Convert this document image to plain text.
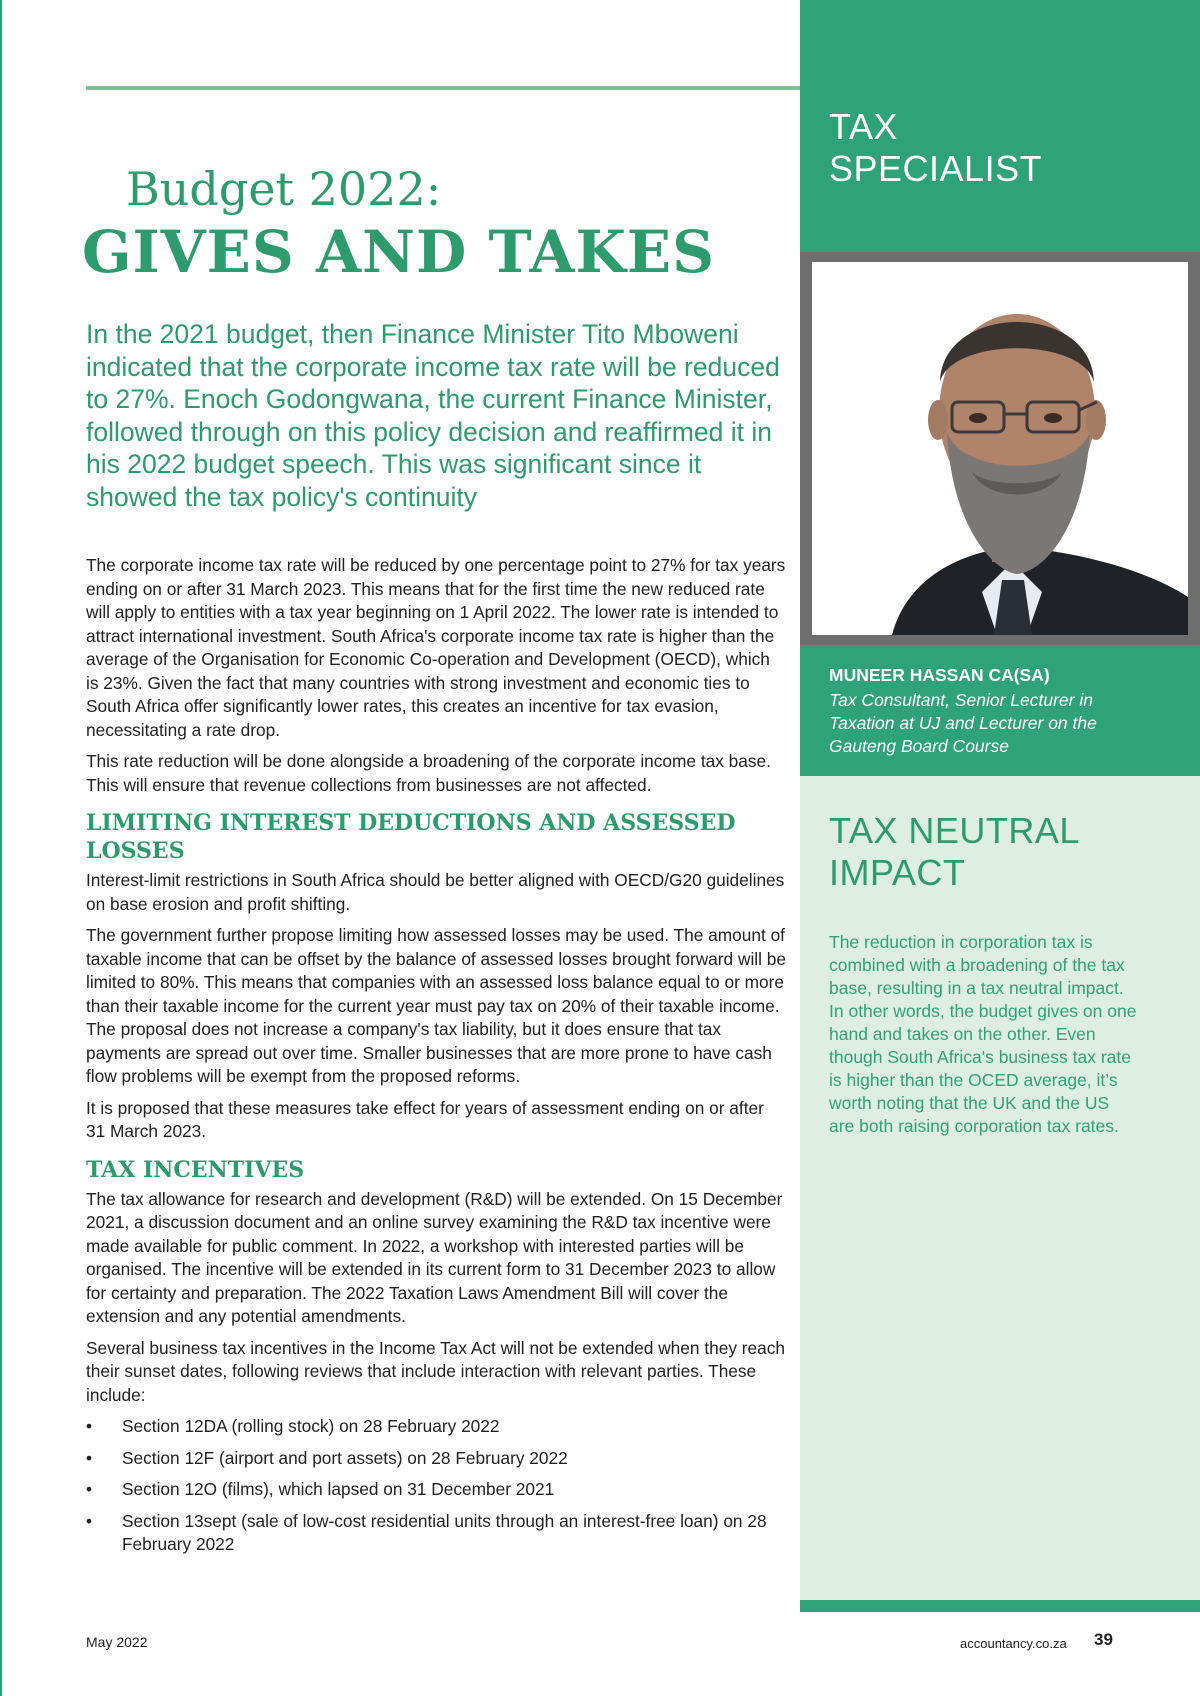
Budget 2022:
GIVES AND TAKES
In the 2021 budget, then Finance Minister Tito Mboweni indicated that the corporate income tax rate will be reduced to 27%. Enoch Godongwana, the current Finance Minister, followed through on this policy decision and reaffirmed it in his 2022 budget speech. This was significant since it showed the tax policy's continuity

The corporate income tax rate will be reduced by one percentage point to 27% for tax years ending on or after 31 March 2023. This means that for the first time the new reduced rate will apply to entities with a tax year beginning on 1 April 2022. The lower rate is intended to attract international investment. South Africa's corporate income tax rate is higher than the average of the Organisation for Economic Co-operation and Development (OECD), which is 23%. Given the fact that many countries with strong investment and economic ties to South Africa offer significantly lower rates, this creates an incentive for tax evasion, necessitating a rate drop.

This rate reduction will be done alongside a broadening of the corporate income tax base. This will ensure that revenue collections from businesses are not affected.

LIMITING INTEREST DEDUCTIONS AND ASSESSED LOSSES

Interest-limit restrictions in South Africa should be better aligned with OECD/G20 guidelines on base erosion and profit shifting.

The government further propose limiting how assessed losses may be used. The amount of taxable income that can be offset by the balance of assessed losses brought forward will be limited to 80%. This means that companies with an assessed loss balance equal to or more than their taxable income for the current year must pay tax on 20% of their taxable income. The proposal does not increase a company's tax liability, but it does ensure that tax payments are spread out over time. Smaller businesses that are more prone to have cash flow problems will be exempt from the proposed reforms.

It is proposed that these measures take effect for years of assessment ending on or after 31 March 2023.

TAX INCENTIVES

The tax allowance for research and development (R&D) will be extended. On 15 December 2021, a discussion document and an online survey examining the R&D tax incentive were made available for public comment. In 2022, a workshop with interested parties will be organised. The incentive will be extended in its current form to 31 December 2023 to allow for certainty and preparation. The 2022 Taxation Laws Amendment Bill will cover the extension and any potential amendments.

Several business tax incentives in the Income Tax Act will not be extended when they reach their sunset dates, following reviews that include interaction with relevant parties. These include:

• Section 12DA (rolling stock) on 28 February 2022
• Section 12F (airport and port assets) on 28 February 2022
• Section 12O (films), which lapsed on 31 December 2021
• Section 13sept (sale of low-cost residential units through an interest-free loan) on 28 February 2022
TAX
SPECIALIST
MUNEER HASSAN CA(SA)
Tax Consultant, Senior Lecturer in Taxation at UJ and Lecturer on the Gauteng Board Course
TAX NEUTRAL
IMPACT
The reduction in corporation tax is combined with a broadening of the tax base, resulting in a tax neutral impact. In other words, the budget gives on one hand and takes on the other. Even though South Africa's business tax rate is higher than the OCED average, it’s worth noting that the UK and the US are both raising corporation tax rates.
May 2022	accountancy.co.za 39
